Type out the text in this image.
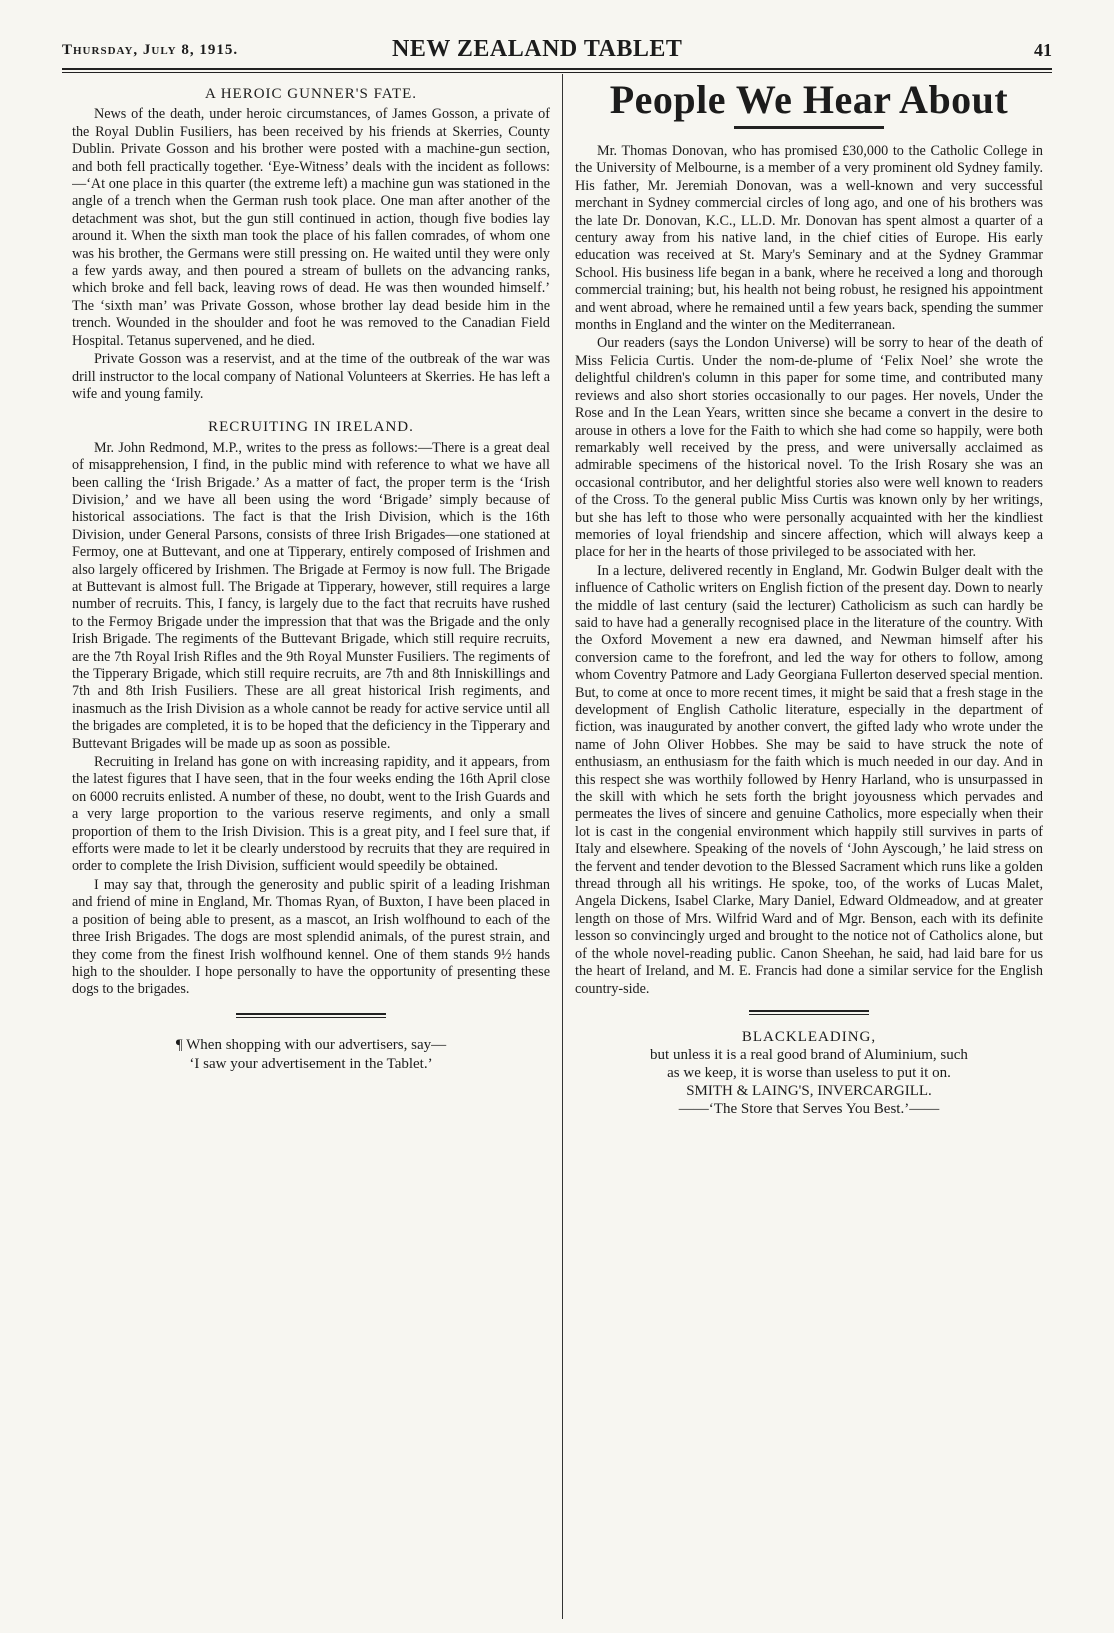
Thursday, July 8, 1915.	NEW ZEALAND TABLET	41
A HEROIC GUNNER'S FATE.

News of the death, under heroic circumstances, of James Gosson, a private of the Royal Dublin Fusiliers, has been received by his friends at Skerries, County Dublin. Private Gosson and his brother were posted with a machine-gun section, and both fell practically together. ‘Eye-Witness’ deals with the incident as follows:—‘At one place in this quarter (the extreme left) a machine gun was stationed in the angle of a trench when the German rush took place. One man after another of the detachment was shot, but the gun still continued in action, though five bodies lay around it. When the sixth man took the place of his fallen comrades, of whom one was his brother, the Germans were still pressing on. He waited until they were only a few yards away, and then poured a stream of bullets on the advancing ranks, which broke and fell back, leaving rows of dead. He was then wounded himself.’ The ‘sixth man’ was Private Gosson, whose brother lay dead beside him in the trench. Wounded in the shoulder and foot he was removed to the Canadian Field Hospital. Tetanus supervened, and he died.

Private Gosson was a reservist, and at the time of the outbreak of the war was drill instructor to the local company of National Volunteers at Skerries. He has left a wife and young family.

RECRUITING IN IRELAND.

Mr. John Redmond, M.P., writes to the press as follows:—There is a great deal of misapprehension, I find, in the public mind with reference to what we have all been calling the ‘Irish Brigade.’ As a matter of fact, the proper term is the ‘Irish Division,’ and we have all been using the word ‘Brigade’ simply because of historical associations. The fact is that the Irish Division, which is the 16th Division, under General Parsons, consists of three Irish Brigades—one stationed at Fermoy, one at Buttevant, and one at Tipperary, entirely composed of Irishmen and also largely officered by Irishmen. The Brigade at Fermoy is now full. The Brigade at Buttevant is almost full. The Brigade at Tipperary, however, still requires a large number of recruits. This, I fancy, is largely due to the fact that recruits have rushed to the Fermoy Brigade under the impression that that was the Brigade and the only Irish Brigade. The regiments of the Buttevant Brigade, which still require recruits, are the 7th Royal Irish Rifles and the 9th Royal Munster Fusiliers. The regiments of the Tipperary Brigade, which still require recruits, are 7th and 8th Inniskillings and 7th and 8th Irish Fusiliers. These are all great historical Irish regiments, and inasmuch as the Irish Division as a whole cannot be ready for active service until all the brigades are completed, it is to be hoped that the deficiency in the Tipperary and Buttevant Brigades will be made up as soon as possible.

Recruiting in Ireland has gone on with increasing rapidity, and it appears, from the latest figures that I have seen, that in the four weeks ending the 16th April close on 6000 recruits enlisted. A number of these, no doubt, went to the Irish Guards and a very large proportion to the various reserve regiments, and only a small proportion of them to the Irish Division. This is a great pity, and I feel sure that, if efforts were made to let it be clearly understood by recruits that they are required in order to complete the Irish Division, sufficient would speedily be obtained.

I may say that, through the generosity and public spirit of a leading Irishman and friend of mine in England, Mr. Thomas Ryan, of Buxton, I have been placed in a position of being able to present, as a mascot, an Irish wolfhound to each of the three Irish Brigades. The dogs are most splendid animals, of the purest strain, and they come from the finest Irish wolfhound kennel. One of them stands 9½ hands high to the shoulder. I hope personally to have the opportunity of presenting these dogs to the brigades.

¶ When shopping with our advertisers, say—
‘I saw your advertisement in the Tablet.’
People We Hear About

Mr. Thomas Donovan, who has promised £30,000 to the Catholic College in the University of Melbourne, is a member of a very prominent old Sydney family. His father, Mr. Jeremiah Donovan, was a well-known and very successful merchant in Sydney commercial circles of long ago, and one of his brothers was the late Dr. Donovan, K.C., LL.D. Mr. Donovan has spent almost a quarter of a century away from his native land, in the chief cities of Europe. His early education was received at St. Mary's Seminary and at the Sydney Grammar School. His business life began in a bank, where he received a long and thorough commercial training; but, his health not being robust, he resigned his appointment and went abroad, where he remained until a few years back, spending the summer months in England and the winter on the Mediterranean.

Our readers (says the London Universe) will be sorry to hear of the death of Miss Felicia Curtis. Under the nom-de-plume of ‘Felix Noel’ she wrote the delightful children's column in this paper for some time, and contributed many reviews and also short stories occasionally to our pages. Her novels, Under the Rose and In the Lean Years, written since she became a convert in the desire to arouse in others a love for the Faith to which she had come so happily, were both remarkably well received by the press, and were universally acclaimed as admirable specimens of the historical novel. To the Irish Rosary she was an occasional contributor, and her delightful stories also were well known to readers of the Cross. To the general public Miss Curtis was known only by her writings, but she has left to those who were personally acquainted with her the kindliest memories of loyal friendship and sincere affection, which will always keep a place for her in the hearts of those privileged to be associated with her.

In a lecture, delivered recently in England, Mr. Godwin Bulger dealt with the influence of Catholic writers on English fiction of the present day. Down to nearly the middle of last century (said the lecturer) Catholicism as such can hardly be said to have had a generally recognised place in the literature of the country. With the Oxford Movement a new era dawned, and Newman himself after his conversion came to the forefront, and led the way for others to follow, among whom Coventry Patmore and Lady Georgiana Fullerton deserved special mention. But, to come at once to more recent times, it might be said that a fresh stage in the development of English Catholic literature, especially in the department of fiction, was inaugurated by another convert, the gifted lady who wrote under the name of John Oliver Hobbes. She may be said to have struck the note of enthusiasm, an enthusiasm for the faith which is much needed in our day. And in this respect she was worthily followed by Henry Harland, who is unsurpassed in the skill with which he sets forth the bright joyousness which pervades and permeates the lives of sincere and genuine Catholics, more especially when their lot is cast in the congenial environment which happily still survives in parts of Italy and elsewhere. Speaking of the novels of ‘John Ayscough,’ he laid stress on the fervent and tender devotion to the Blessed Sacrament which runs like a golden thread through all his writings. He spoke, too, of the works of Lucas Malet, Angela Dickens, Isabel Clarke, Mary Daniel, Edward Oldmeadow, and at greater length on those of Mrs. Wilfrid Ward and of Mgr. Benson, each with its definite lesson so convincingly urged and brought to the notice not of Catholics alone, but of the whole novel-reading public. Canon Sheehan, he said, had laid bare for us the heart of Ireland, and M. E. Francis had done a similar service for the English country-side.

BLACKLEADING,
but unless it is a real good brand of Aluminium, such
as we keep, it is worse than useless to put it on.
SMITH & LAING'S, INVERCARGILL.
——‘The Store that Serves You Best.’——
